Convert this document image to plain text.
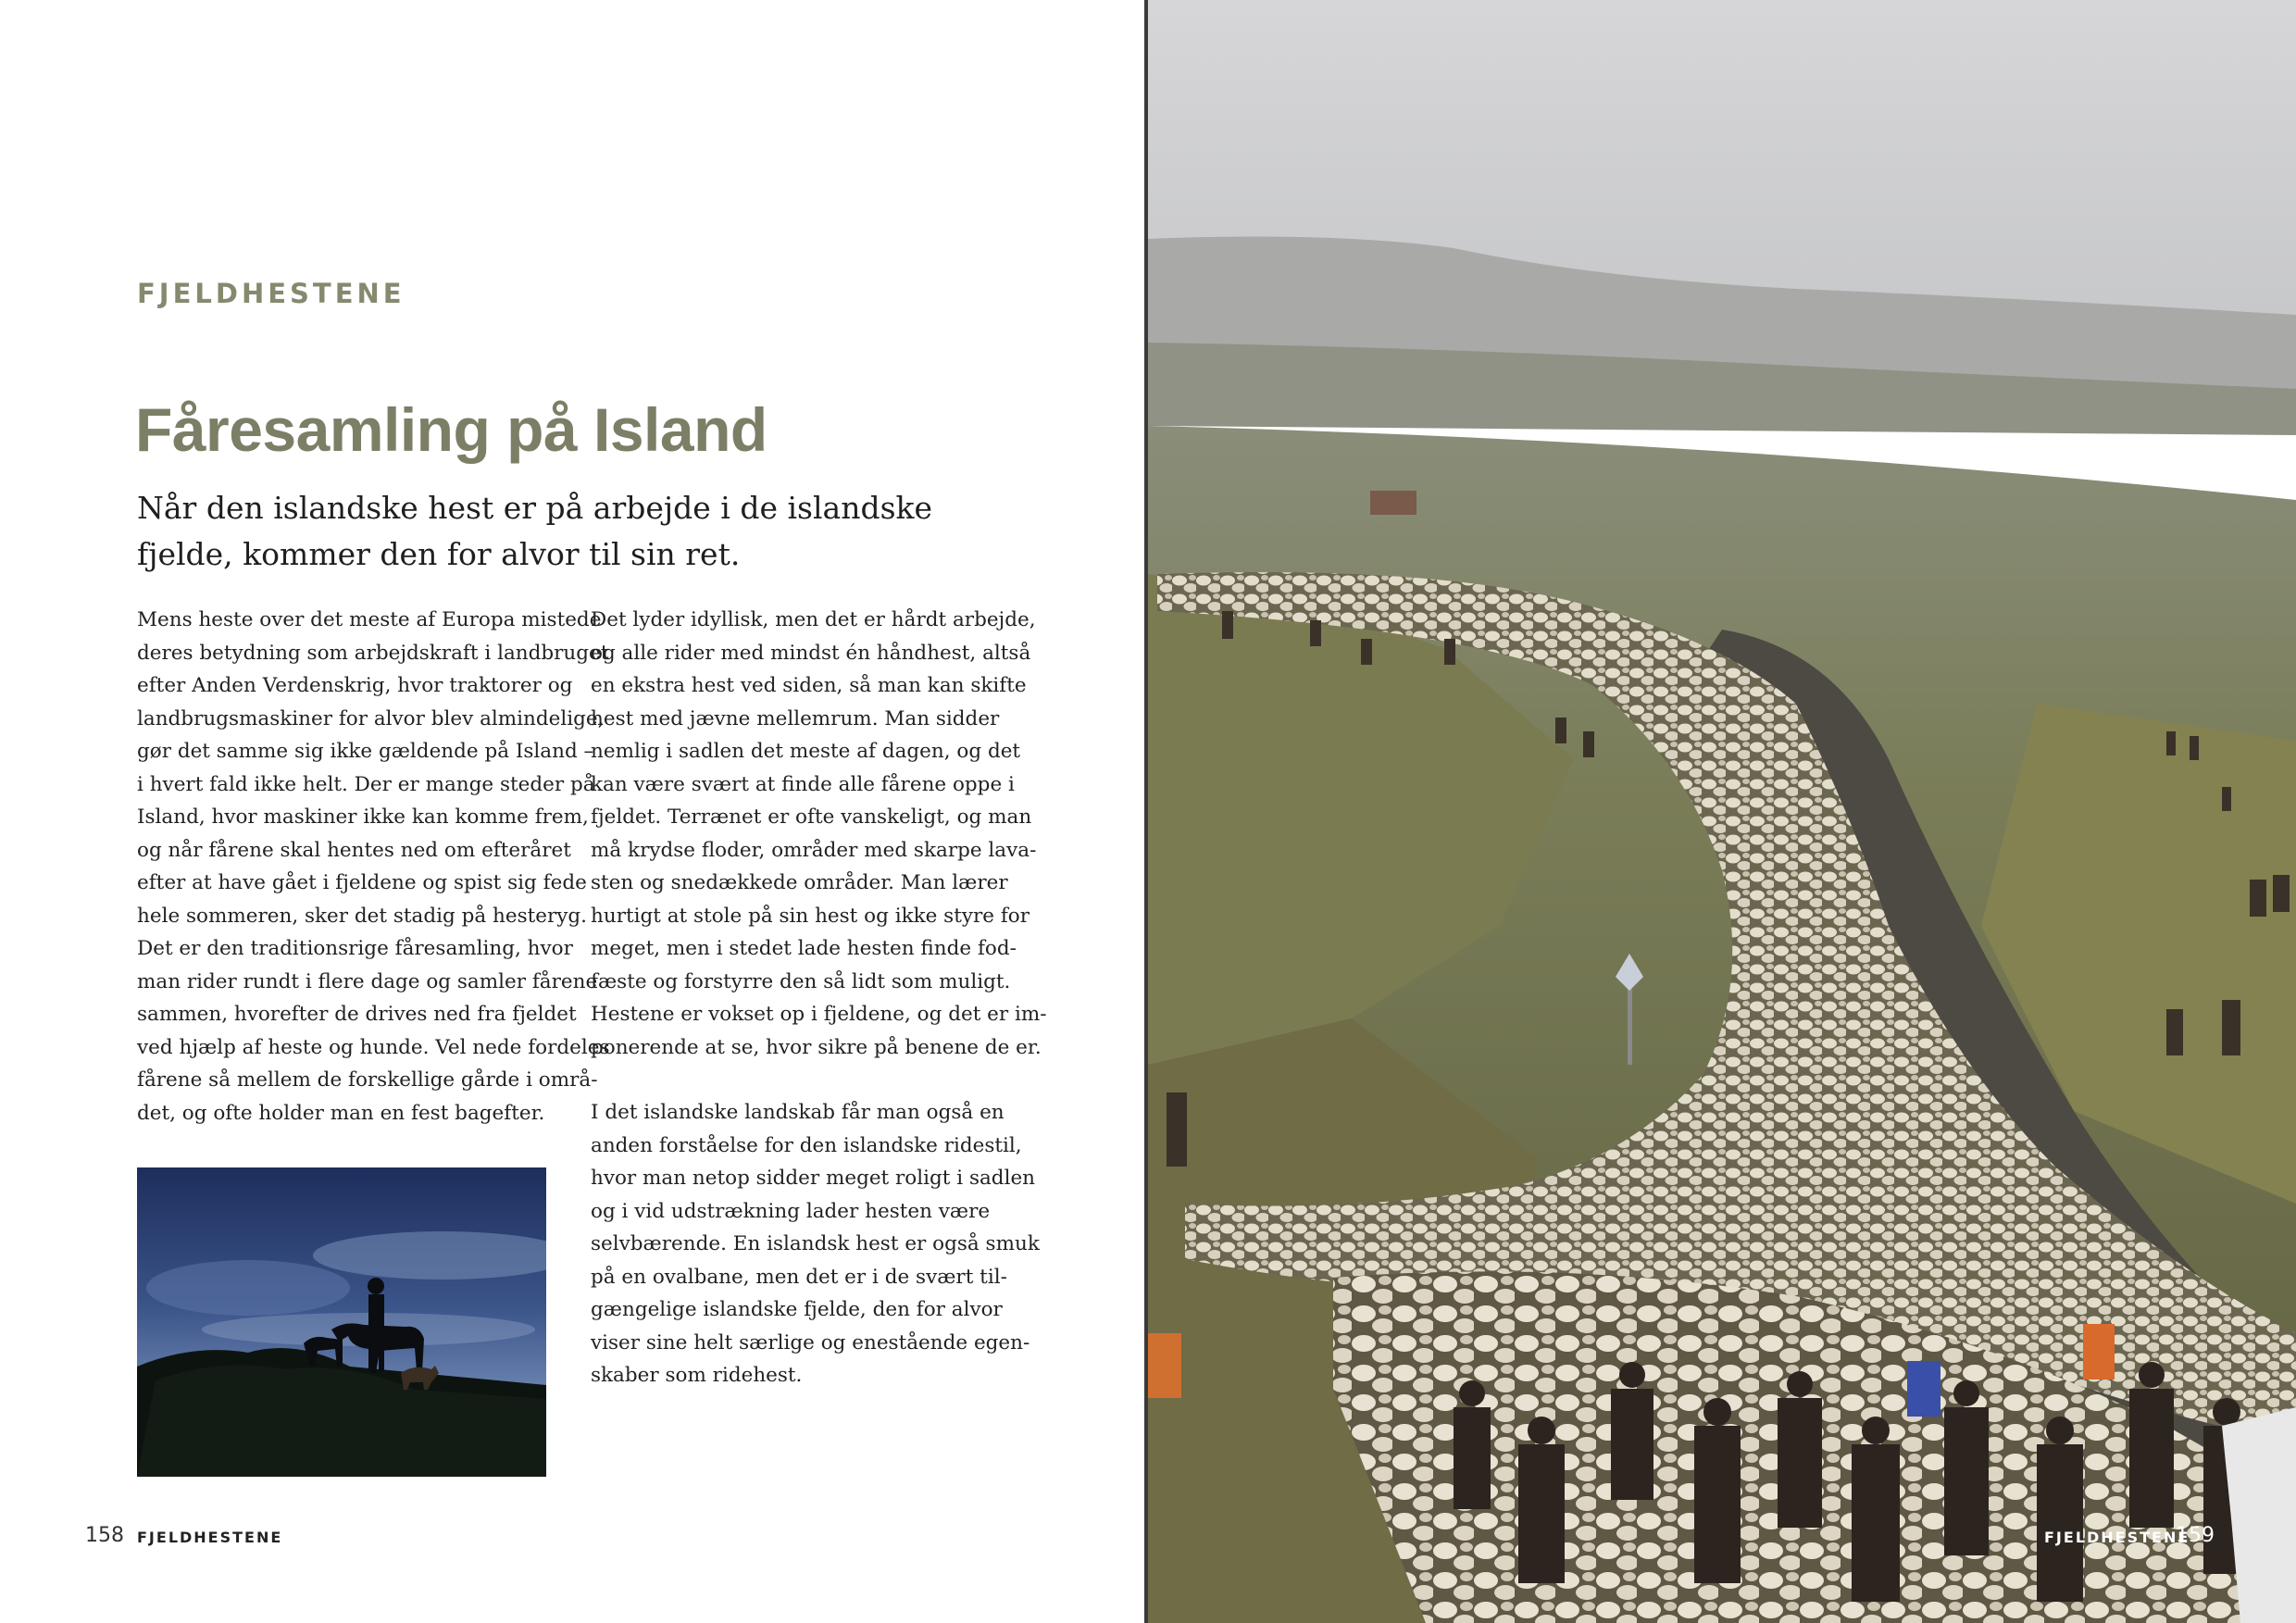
FJELDHESTENE
Fåresamling på Island
Når den islandske hest er på arbejde i de islandske fjelde, kommer den for alvor til sin ret.

Mens heste over det meste af Europa mistede
deres betydning som arbejdskraft i landbruget
efter Anden Verdenskrig, hvor traktorer og
landbrugsmaskiner for alvor blev almindelige,
gør det samme sig ikke gældende på Island –
i hvert fald ikke helt. Der er mange steder på
Island, hvor maskiner ikke kan komme frem,
og når fårene skal hentes ned om efteråret
efter at have gået i fjeldene og spist sig fede
hele sommeren, sker det stadig på hesteryg.
Det er den traditionsrige fåresamling, hvor
man rider rundt i flere dage og samler fårene
sammen, hvorefter de drives ned fra fjeldet
ved hjælp af heste og hunde. Vel nede fordeles
fårene så mellem de forskellige gårde i områ-
det, og ofte holder man en fest bagefter.

Det lyder idyllisk, men det er hårdt arbejde,
og alle rider med mindst én håndhest, altså
en ekstra hest ved siden, så man kan skifte
hest med jævne mellemrum. Man sidder
nemlig i sadlen det meste af dagen, og det
kan være svært at finde alle fårene oppe i
fjeldet. Terrænet er ofte vanskeligt, og man
må krydse floder, områder med skarpe lava-
sten og snedækkede områder. Man lærer
hurtigt at stole på sin hest og ikke styre for
meget, men i stedet lade hesten finde fod-
fæste og forstyrre den så lidt som muligt.
Hestene er vokset op i fjeldene, og det er im-
ponerende at se, hvor sikre på benene de er.

I det islandske landskab får man også en
anden forståelse for den islandske ridestil,
hvor man netop sidder meget roligt i sadlen
og i vid udstrækning lader hesten være
selvbærende. En islandsk hest er også smuk
på en ovalbane, men det er i de svært til-
gængelige islandske fjelde, den for alvor
viser sine helt særlige og enestående egen-
skaber som ridehest.

158 FJELDHESTENE	FJELDHESTENE
159
